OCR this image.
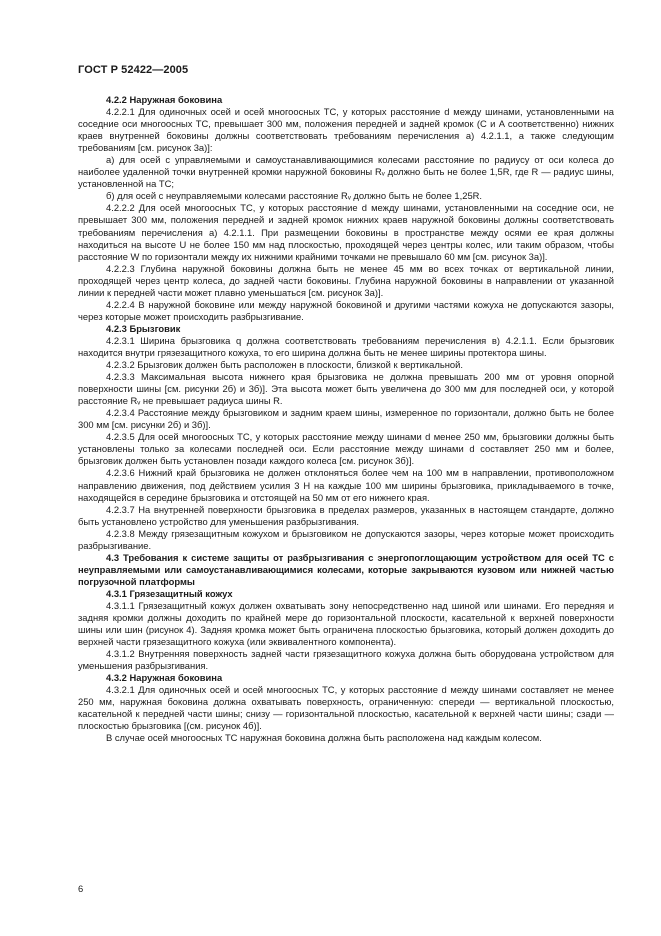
ГОСТ Р 52422—2005

4.2.2 Наружная боковина

4.2.2.1 Для одиночных осей и осей многоосных ТС, у которых расстояние d между шинами, установленными на соседние оси многоосных ТС, превышает 300 мм, положения передней и задней кромок (C и A соответственно) нижних краев внутренней боковины должны соответствовать требованиям перечисления а) 4.2.1.1, а также следующим требованиям [см. рисунок 3а)]:

а) для осей с управляемыми и самоустанавливающимися колесами расстояние по радиусу от оси колеса до наиболее удаленной точки внутренней кромки наружной боковины Rᵥ должно быть не более 1,5R, где R — радиус шины, установленной на ТС;

б) для осей с неуправляемыми колесами расстояние Rᵥ должно быть не более 1,25R.

4.2.2.2 Для осей многоосных ТС, у которых расстояние d между шинами, установленными на соседние оси, не превышает 300 мм, положения передней и задней кромок нижних краев наружной боковины должны соответствовать требованиям перечисления а) 4.2.1.1. При размещении боковины в пространстве между осями ее края должны находиться на высоте U не более 150 мм над плоскостью, проходящей через центры колес, или таким образом, чтобы расстояние W по горизонтали между их нижними крайними точками не превышало 60 мм [см. рисунок 3а)].

4.2.2.3 Глубина наружной боковины должна быть не менее 45 мм во всех точках от вертикальной линии, проходящей через центр колеса, до задней части боковины. Глубина наружной боковины в направлении от указанной линии к передней части может плавно уменьшаться [см. рисунок 3а)].

4.2.2.4 В наружной боковине или между наружной боковиной и другими частями кожуха не допускаются зазоры, через которые может происходить разбрызгивание.

4.2.3 Брызговик

4.2.3.1 Ширина брызговика q должна соответствовать требованиям перечисления в) 4.2.1.1. Если брызговик находится внутри грязезащитного кожуха, то его ширина должна быть не менее ширины протектора шины.

4.2.3.2 Брызговик должен быть расположен в плоскости, близкой к вертикальной.

4.2.3.3 Максимальная высота нижнего края брызговика не должна превышать 200 мм от уровня опорной поверхности шины [см. рисунки 2б) и 3б)]. Эта высота может быть увеличена до 300 мм для последней оси, у которой расстояние Rᵥ не превышает радиуса шины R.

4.2.3.4 Расстояние между брызговиком и задним краем шины, измеренное по горизонтали, должно быть не более 300 мм [см. рисунки 2б) и 3б)].

4.2.3.5 Для осей многоосных ТС, у которых расстояние между шинами d менее 250 мм, брызговики должны быть установлены только за колесами последней оси. Если расстояние между шинами d составляет 250 мм и более, брызговик должен быть установлен позади каждого колеса [см. рисунок 3б)].

4.2.3.6 Нижний край брызговика не должен отклоняться более чем на 100 мм в направлении, противоположном направлению движения, под действием усилия 3 Н на каждые 100 мм ширины брызговика, прикладываемого в точке, находящейся в середине брызговика и отстоящей на 50 мм от его нижнего края.

4.2.3.7 На внутренней поверхности брызговика в пределах размеров, указанных в настоящем стандарте, должно быть установлено устройство для уменьшения разбрызгивания.

4.2.3.8 Между грязезащитным кожухом и брызговиком не допускаются зазоры, через которые может происходить разбрызгивание.

4.3 Требования к системе защиты от разбрызгивания с энергопоглощающим устройством для осей ТС с неуправляемыми или самоустанавливающимися колесами, которые закрываются кузовом или нижней частью погрузочной платформы

4.3.1 Грязезащитный кожух

4.3.1.1 Грязезащитный кожух должен охватывать зону непосредственно над шиной или шинами. Его передняя и задняя кромки должны доходить по крайней мере до горизонтальной плоскости, касательной к верхней поверхности шины или шин (рисунок 4). Задняя кромка может быть ограничена плоскостью брызговика, который должен доходить до верхней части грязезащитного кожуха (или эквивалентного компонента).

4.3.1.2 Внутренняя поверхность задней части грязезащитного кожуха должна быть оборудована устройством для уменьшения разбрызгивания.

4.3.2 Наружная боковина

4.3.2.1 Для одиночных осей и осей многоосных ТС, у которых расстояние d между шинами составляет не менее 250 мм, наружная боковина должна охватывать поверхность, ограниченную: спереди — вертикальной плоскостью, касательной к передней части шины; снизу — горизонтальной плоскостью, касательной к верхней части шины; сзади — плоскостью брызговика [(см. рисунок 4б)].

В случае осей многоосных ТС наружная боковина должна быть расположена над каждым колесом.

6
